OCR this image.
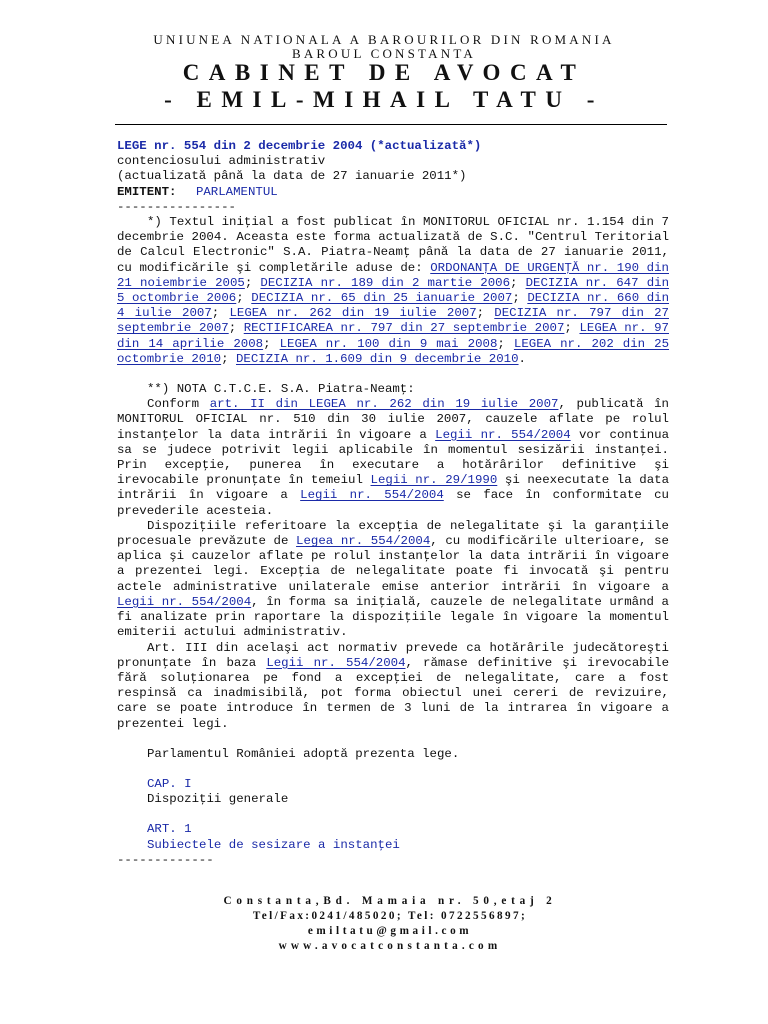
UNIUNEA NATIONALA A BAROURILOR DIN ROMANIA
BAROUL CONSTANTA
CABINET DE AVOCAT
- EMIL-MIHAIL TATU -
LEGE nr. 554 din 2 decembrie 2004 (*actualizată*)
contenciosului administrativ
(actualizată până la data de 27 ianuarie 2011*)
EMITENT: PARLAMENTUL
----------------

*) Textul iniţial a fost publicat în MONITORUL OFICIAL nr. 1.154 din 7 decembrie 2004. Aceasta este forma actualizată de S.C. "Centrul Teritorial de Calcul Electronic" S.A. Piatra-Neamţ până la data de 27 ianuarie 2011, cu modificările şi completările aduse de: ORDONANŢA DE URGENŢĂ nr. 190 din 21 noiembrie 2005; DECIZIA nr. 189 din 2 martie 2006; DECIZIA nr. 647 din 5 octombrie 2006; DECIZIA nr. 65 din 25 ianuarie 2007; DECIZIA nr. 660 din 4 iulie 2007; LEGEA nr. 262 din 19 iulie 2007; DECIZIA nr. 797 din 27 septembrie 2007; RECTIFICAREA nr. 797 din 27 septembrie 2007; LEGEA nr. 97 din 14 aprilie 2008; LEGEA nr. 100 din 9 mai 2008; LEGEA nr. 202 din 25 octombrie 2010; DECIZIA nr. 1.609 din 9 decembrie 2010.

**) NOTA C.T.C.E. S.A. Piatra-Neamţ:

Conform art. II din LEGEA nr. 262 din 19 iulie 2007, publicată în MONITORUL OFICIAL nr. 510 din 30 iulie 2007, cauzele aflate pe rolul instanţelor la data intrării în vigoare a Legii nr. 554/2004 vor continua sa se judece potrivit legii aplicabile în momentul sesizării instanţei. Prin excepţie, punerea în executare a hotărârilor definitive şi irevocabile pronunţate în temeiul Legii nr. 29/1990 şi neexecutate la data intrării în vigoare a Legii nr. 554/2004 se face în conformitate cu prevederile acesteia.

Dispoziţiile referitoare la excepţia de nelegalitate şi la garanţiile procesuale prevăzute de Legea nr. 554/2004, cu modificările ulterioare, se aplica şi cauzelor aflate pe rolul instanţelor la data intrării în vigoare a prezentei legi. Excepţia de nelegalitate poate fi invocată şi pentru actele administrative unilaterale emise anterior intrării în vigoare a Legii nr. 554/2004, în forma sa iniţială, cauzele de nelegalitate urmând a fi analizate prin raportare la dispoziţiile legale în vigoare la momentul emiterii actului administrativ.

Art. III din acelaşi act normativ prevede ca hotărârile judecătoreşti pronunţate în baza Legii nr. 554/2004, rămase definitive şi irevocabile fără soluţionarea pe fond a excepţiei de nelegalitate, care a fost respinsă ca inadmisibilă, pot forma obiectul unei cereri de revizuire, care se poate introduce în termen de 3 luni de la intrarea în vigoare a prezentei legi.

Parlamentul României adoptă prezenta lege.
CAP. I
Dispoziţii generale
ART. 1
Subiectele de sesizare a instanţei
-------------
Constanta,Bd. Mamaia nr. 50,etaj 2
Tel/Fax:0241/485020; Tel: 0722556897;
emiltatu@gmail.com
www.avocatconstanta.com
